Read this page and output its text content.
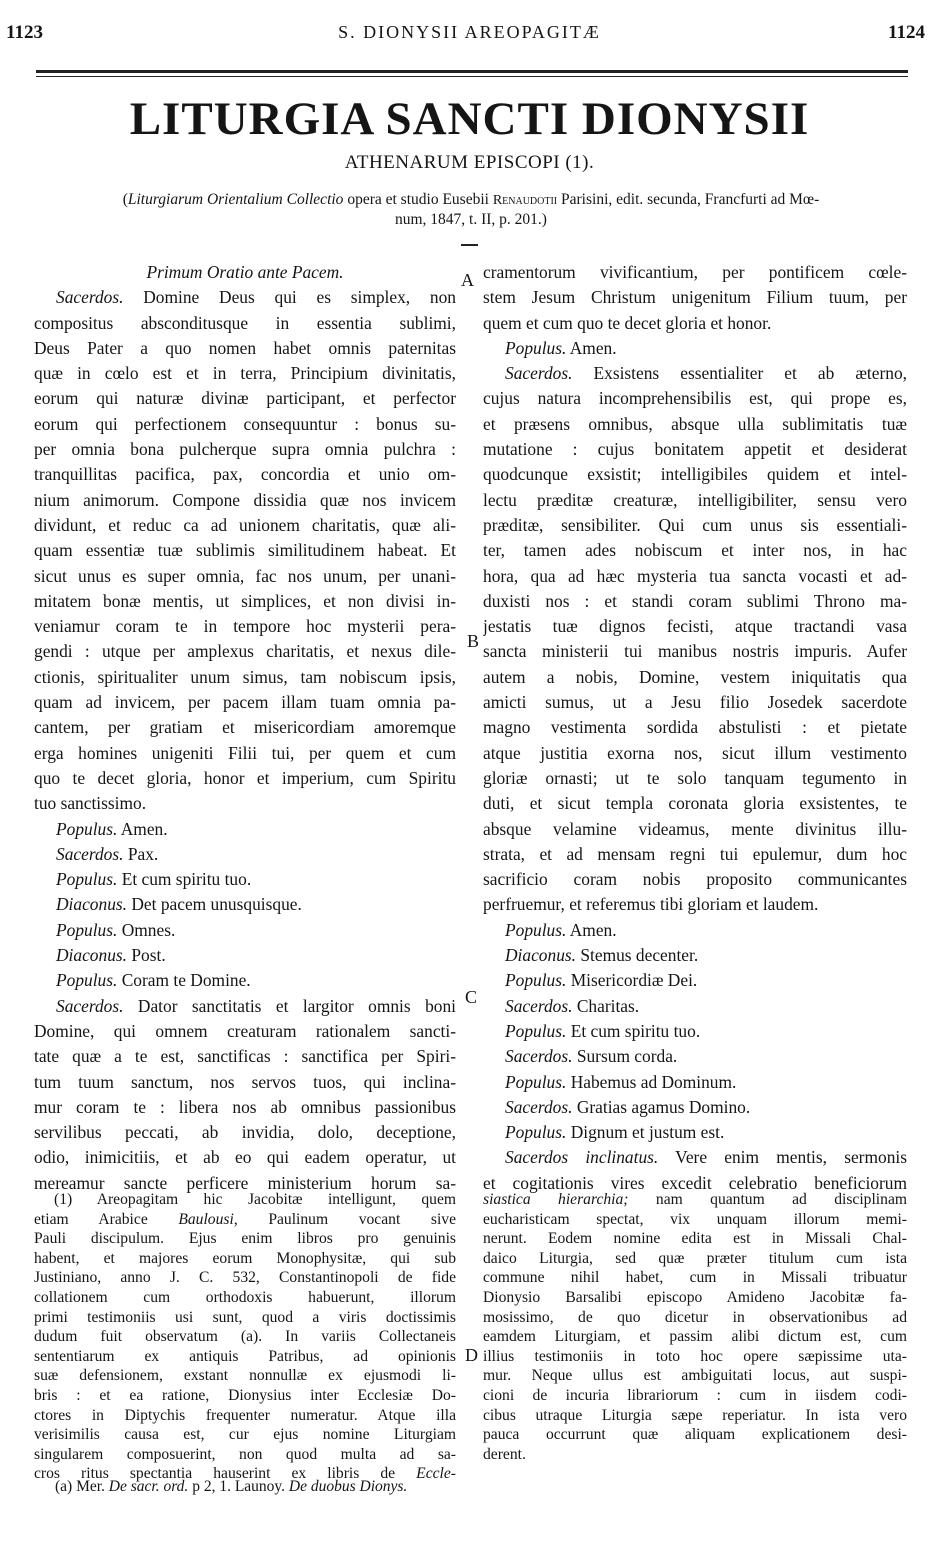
1123	S. DIONYSII AREOPAGITÆ	1124
LITURGIA SANCTI DIONYSII
ATHENARUM EPISCOPI (1).
(Liturgiarum Orientalium Collectio opera et studio Eusebii Renaudotii Parisini, edit. secunda, Francfurti ad Mœ-
num, 1847, t. II, p. 201.)
Primum Oratio ante Pacem.
Sacerdos. Domine Deus qui es simplex, non
compositus absconditusque in essentia sublimi,
Deus Pater a quo nomen habet omnis paternitas
quæ in cœlo est et in terra, Principium divinitatis,
eorum qui naturæ divinæ participant, et perfector
eorum qui perfectionem consequuntur : bonus su-
per omnia bona pulcherque supra omnia pulchra :
tranquillitas pacifica, pax, concordia et unio om-
nium animorum. Compone dissidia quæ nos invicem
dividunt, et reduc ca ad unionem charitatis, quæ ali-
quam essentiæ tuæ sublimis similitudinem habeat. Et
sicut unus es super omnia, fac nos unum, per unani-
mitatem bonæ mentis, ut simplices, et non divisi in-
veniamur coram te in tempore hoc mysterii pera-
gendi : utque per amplexus charitatis, et nexus dile-
ctionis, spiritualiter unum simus, tam nobiscum ipsis,
quam ad invicem, per pacem illam tuam omnia pa-
cantem, per gratiam et misericordiam amoremque
erga homines unigeniti Filii tui, per quem et cum
quo te decet gloria, honor et imperium, cum Spiritu
tuo sanctissimo.
Populus. Amen.
Sacerdos. Pax.
Populus. Et cum spiritu tuo.
Diaconus. Det pacem unusquisque.
Populus. Omnes.
Diaconus. Post.
Populus. Coram te Domine.
Sacerdos. Dator sanctitatis et largitor omnis boni
Domine, qui omnem creaturam rationalem sancti-
tate quæ a te est, sanctificas : sanctifica per Spiri-
tum tuum sanctum, nos servos tuos, qui inclina-
mur coram te : libera nos ab omnibus passionibus
servilibus peccati, ab invidia, dolo, deceptione,
odio, inimicitiis, et ab eo qui eadem operatur, ut
mereamur sancte perficere ministerium horum sa-
cramentorum vivificantium, per pontificem cœle-
stem Jesum Christum unigenitum Filium tuum, per
quem et cum quo te decet gloria et honor.
Populus. Amen.
Sacerdos. Exsistens essentialiter et ab æterno,
cujus natura incomprehensibilis est, qui prope es,
et præsens omnibus, absque ulla sublimitatis tuæ
mutatione : cujus bonitatem appetit et desiderat
quodcunque exsistit; intelligibiles quidem et intel-
lectu præditæ creaturæ, intelligibiliter, sensu vero
præditæ, sensibiliter. Qui cum unus sis essentiali-
ter, tamen ades nobiscum et inter nos, in hac
hora, qua ad hæc mysteria tua sancta vocasti et ad-
duxisti nos : et standi coram sublimi Throno ma-
jestatis tuæ dignos fecisti, atque tractandi vasa
sancta ministerii tui manibus nostris impuris. Aufer
autem a nobis, Domine, vestem iniquitatis qua
amicti sumus, ut a Jesu filio Josedek sacerdote
magno vestimenta sordida abstulisti : et pietate
atque justitia exorna nos, sicut illum vestimento
gloriæ ornasti; ut te solo tanquam tegumento in
duti, et sicut templa coronata gloria exsistentes, te
absque velamine videamus, mente divinitus illu-
strata, et ad mensam regni tui epulemur, dum hoc
sacrificio coram nobis proposito communicantes
perfruemur, et referemus tibi gloriam et laudem.
Populus. Amen.
Diaconus. Stemus decenter.
Populus. Misericordiæ Dei.
Sacerdos. Charitas.
Populus. Et cum spiritu tuo.
Sacerdos. Sursum corda.
Populus. Habemus ad Dominum.
Sacerdos. Gratias agamus Domino.
Populus. Dignum et justum est.
Sacerdos inclinatus. Vere enim mentis, sermonis
et cogitationis vires excedit celebratio beneficiorum
A
B
C
D
(1) Areopagitam hic Jacobitæ intelligunt, quem
etiam Arabice Baulousi, Paulinum vocant sive
Pauli discipulum. Ejus enim libros pro genuinis
habent, et majores eorum Monophysitæ, qui sub
Justiniano, anno J. C. 532, Constantinopoli de fide
collationem cum orthodoxis habuerunt, illorum
primi testimoniis usi sunt, quod a viris doctissimis
dudum fuit observatum (a). In variis Collectaneis
sententiarum ex antiquis Patribus, ad opinionis
suæ defensionem, exstant nonnullæ ex ejusmodi li-
bris : et ea ratione, Dionysius inter Ecclesiæ Do-
ctores in Diptychis frequenter numeratur. Atque illa
verisimilis causa est, cur ejus nomine Liturgiam
singularem composuerint, non quod multa ad sa-
cros ritus spectantia hauserint ex libris de Eccle-
siastica hierarchia; nam quantum ad disciplinam
eucharisticam spectat, vix unquam illorum memi-
nerunt. Eodem nomine edita est in Missali Chal-
daico Liturgia, sed quæ præter titulum cum ista
commune nihil habet, cum in Missali tribuatur
Dionysio Barsalibi episcopo Amideno Jacobitæ fa-
mosissimo, de quo dicetur in observationibus ad
eamdem Liturgiam, et passim alibi dictum est, cum
illius testimoniis in toto hoc opere sæpissime uta-
mur. Neque ullus est ambiguitati locus, aut suspi-
cioni de incuria librariorum : cum in iisdem codi-
cibus utraque Liturgia sæpe reperiatur. In ista vero
pauca occurrunt quæ aliquam explicationem desi-
derent.
(a) Mer. De sacr. ord. p 2, 1. Launoy. De duobus Dionys.
